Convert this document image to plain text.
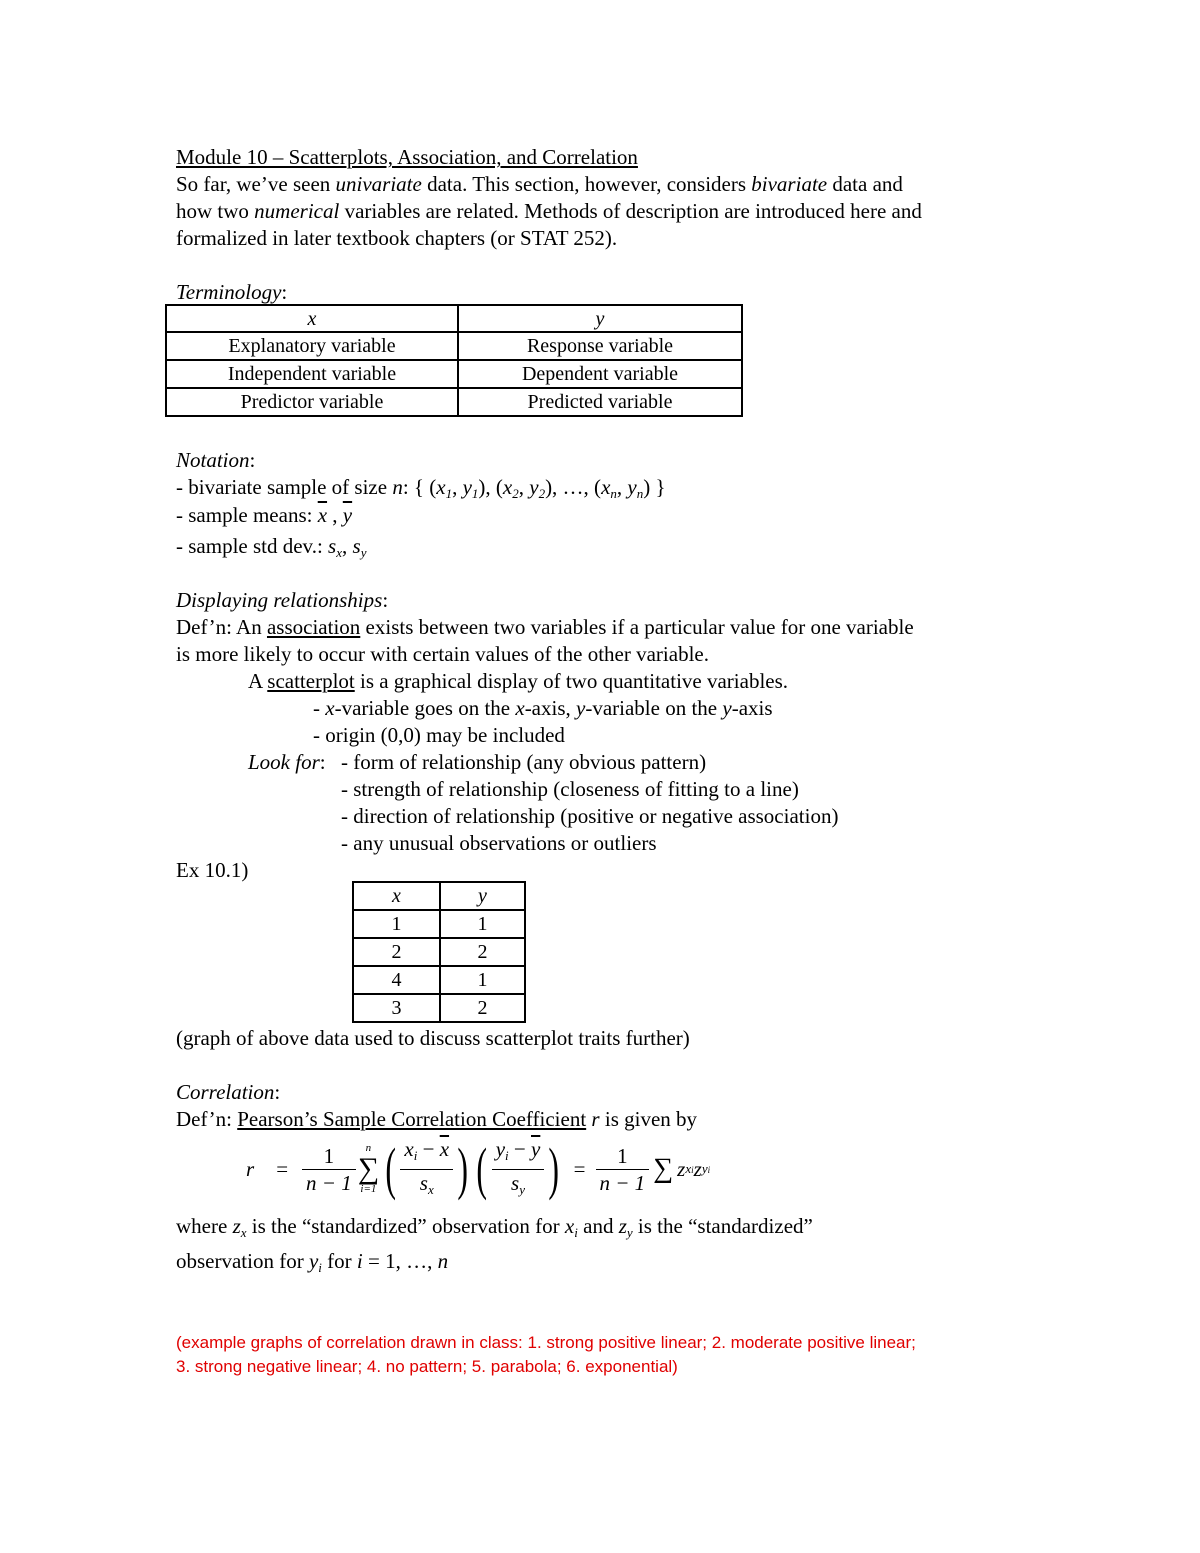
Module 10 – Scatterplots, Association, and Correlation
So far, we’ve seen univariate data. This section, however, considers bivariate data and
how two numerical variables are related. Methods of description are introduced here and
formalized in later textbook chapters (or STAT 252).
Terminology:
x	y
Explanatory variable	Response variable
Independent variable	Dependent variable
Predictor variable	Predicted variable
Notation:
- bivariate sample of size n: { ($x_1$, $y_1$), ($x_2$, $y_2$), …, ($x_n$, $y_n$) }
- sample means: $\overline{x}$ , $\overline{y}$
- sample std dev.: $s_x$, $s_y$
Displaying relationships:
Def’n: An association exists between two variables if a particular value for one variable
is more likely to occur with certain values of the other variable.
A scatterplot is a graphical display of two quantitative variables.
- x-variable goes on the x-axis, y-variable on the y-axis
- origin (0,0) may be included
Look for: - form of relationship (any obvious pattern)
- strength of relationship (closeness of fitting to a line)
- direction of relationship (positive or negative association)
- any unusual observations or outliers
Ex 10.1)
x	y
1	1
2	2
4	1
3	2
(graph of above data used to discuss scatterplot traits further)
Correlation:
Def’n: Pearson’s Sample Correlation Coefficient r is given by
$r = \frac{1}{n - 1}$ n
∑
i=1 ( $\frac{x_i - \overline{x}}{s_x}$ ) ( $\frac{y_i - \overline{y}}{s_y}$ ) = $\frac{1}{n - 1}$ ∑ z xi z yi
where $z_x$ is the “standardized” observation for $x_i$ and $z_y$ is the “standardized”
observation for $y_i$ for i = 1, …, n
(example graphs of correlation drawn in class: 1. strong positive linear; 2. moderate positive linear;
3. strong negative linear; 4. no pattern; 5. parabola; 6. exponential)
